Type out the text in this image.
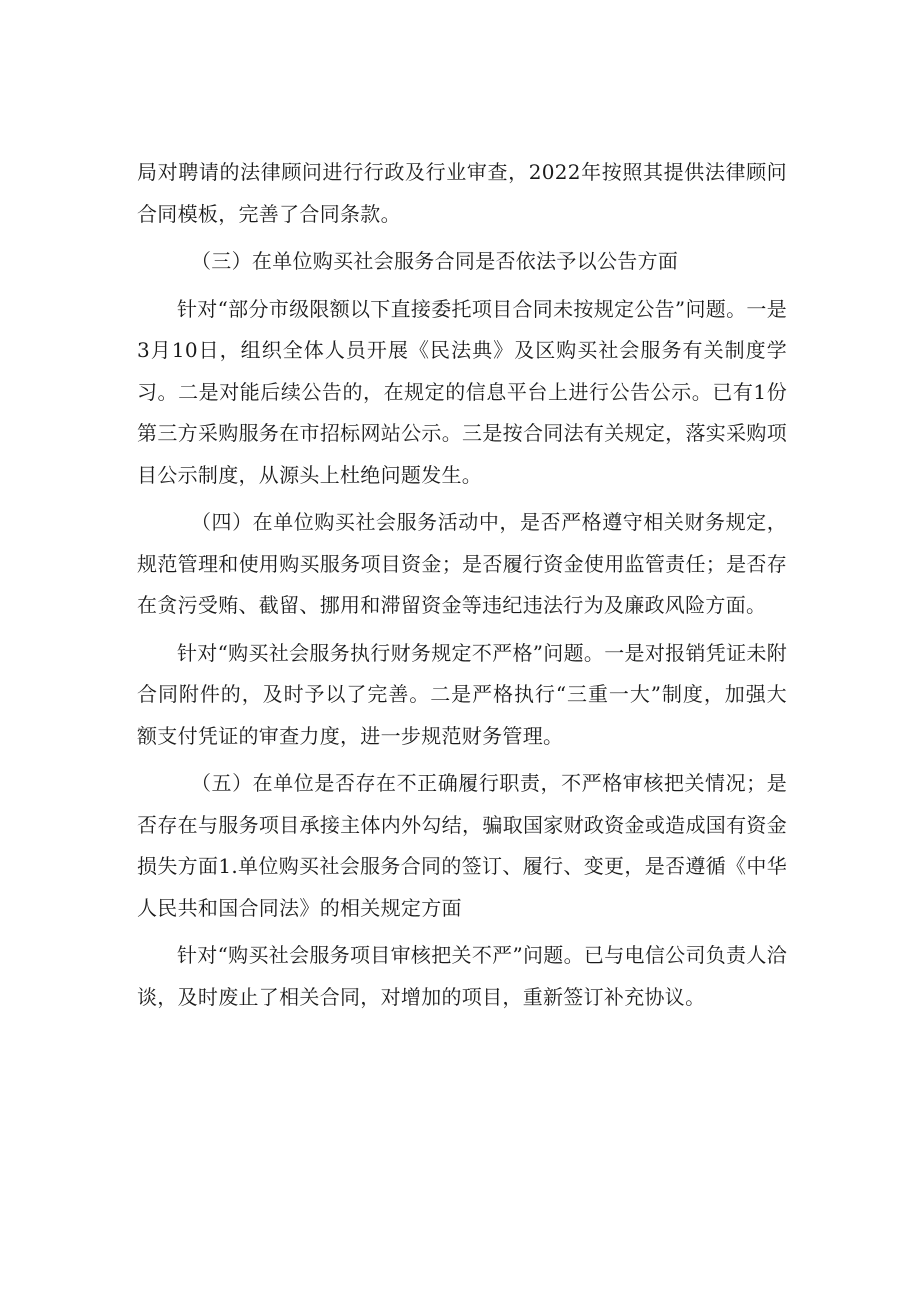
局对聘请的法律顾问进行行政及行业审查，2022年按照其提供法律顾问合同模板，完善了合同条款。

（三）在单位购买社会服务合同是否依法予以公告方面

针对“部分市级限额以下直接委托项目合同未按规定公告”问题。一是3月10日，组织全体人员开展《民法典》及区购买社会服务有关制度学习。二是对能后续公告的，在规定的信息平台上进行公告公示。已有1份第三方采购服务在市招标网站公示。三是按合同法有关规定，落实采购项目公示制度，从源头上杜绝问题发生。

（四）在单位购买社会服务活动中，是否严格遵守相关财务规定，规范管理和使用购买服务项目资金；是否履行资金使用监管责任；是否存在贪污受贿、截留、挪用和滞留资金等违纪违法行为及廉政风险方面。

针对“购买社会服务执行财务规定不严格”问题。一是对报销凭证未附合同附件的，及时予以了完善。二是严格执行“三重一大”制度，加强大额支付凭证的审查力度，进一步规范财务管理。

（五）在单位是否存在不正确履行职责，不严格审核把关情况；是否存在与服务项目承接主体内外勾结，骗取国家财政资金或造成国有资金损失方面1.单位购买社会服务合同的签订、履行、变更，是否遵循《中华人民共和国合同法》的相关规定方面

针对“购买社会服务项目审核把关不严”问题。已与电信公司负责人洽谈，及时废止了相关合同，对增加的项目，重新签订补充协议。
